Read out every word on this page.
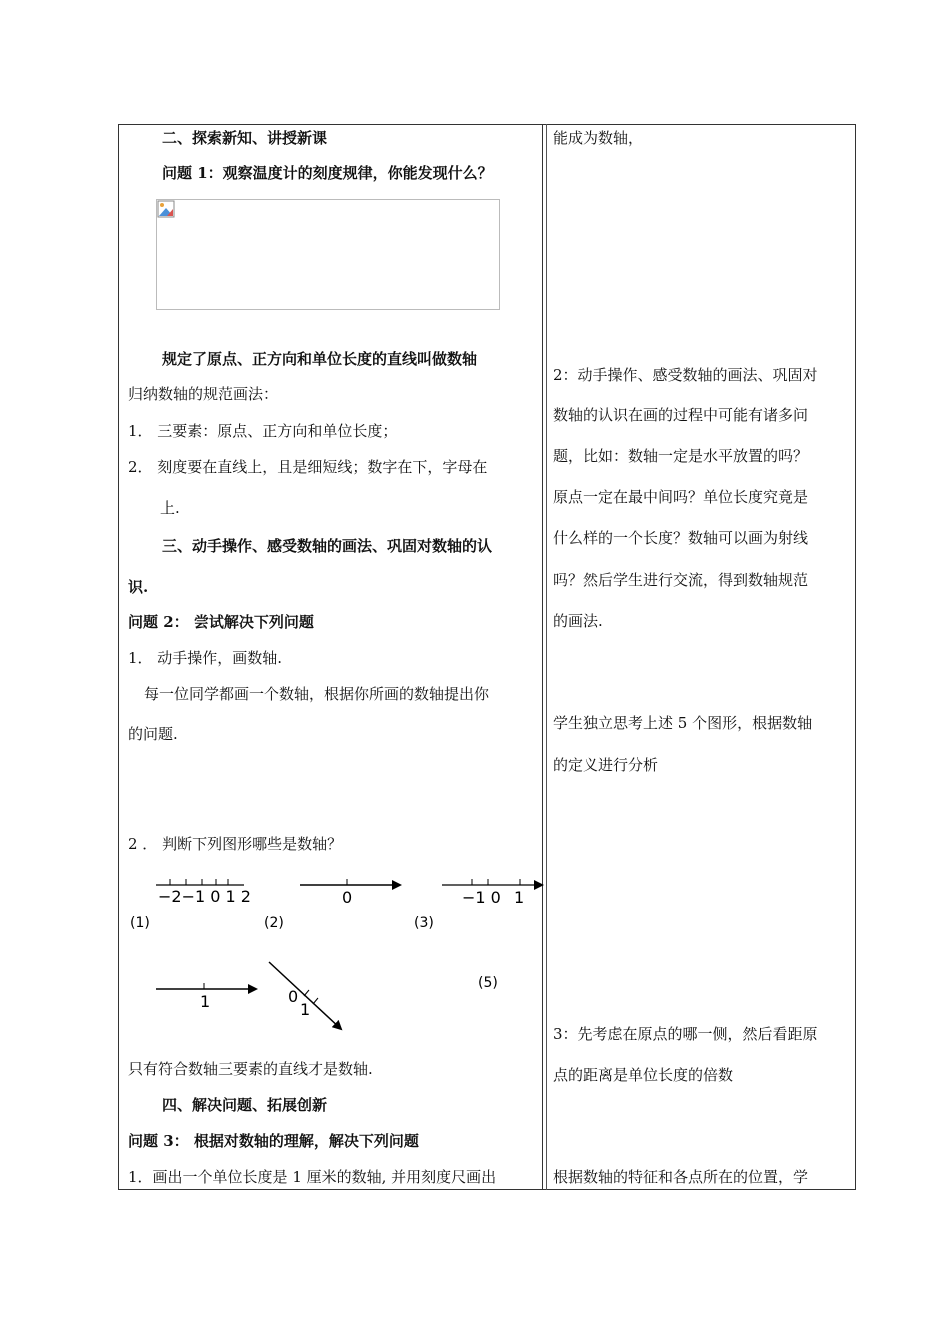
二、探索新知、讲授新课
问题 1：观察温度计的刻度规律，你能发现什么？
规定了原点、正方向和单位长度的直线叫做数轴
归纳数轴的规范画法：
1． 三要素：原点、正方向和单位长度；
2． 刻度要在直线上，且是细短线；数字在下，字母在
上.
三、动手操作、感受数轴的画法、巩固对数轴的认
识.
问题 2： 尝试解决下列问题
1． 动手操作，画数轴.
每一位同学都画一个数轴，根据你所画的数轴提出你
的问题.
2 ． 判断下列图形哪些是数轴？
−2−1 0 1 2	0	−1 0 1
(1)	(2)	(3)
1	0
1
(5)
只有符合数轴三要素的直线才是数轴.
四、解决问题、拓展创新
问题 3： 根据对数轴的理解，解决下列问题
1．画出一个单位长度是 1 厘米的数轴, 并用刻度尺画出
能成为数轴，
2：动手操作、感受数轴的画法、巩固对
数轴的认识在画的过程中可能有诸多问
题，比如：数轴一定是水平放置的吗？
原点一定在最中间吗？单位长度究竟是
什么样的一个长度？数轴可以画为射线
吗？然后学生进行交流，得到数轴规范
的画法.
学生独立思考上述 5 个图形，根据数轴
的定义进行分析
3：先考虑在原点的哪一侧，然后看距原
点的距离是单位长度的倍数
根据数轴的特征和各点所在的位置，学
